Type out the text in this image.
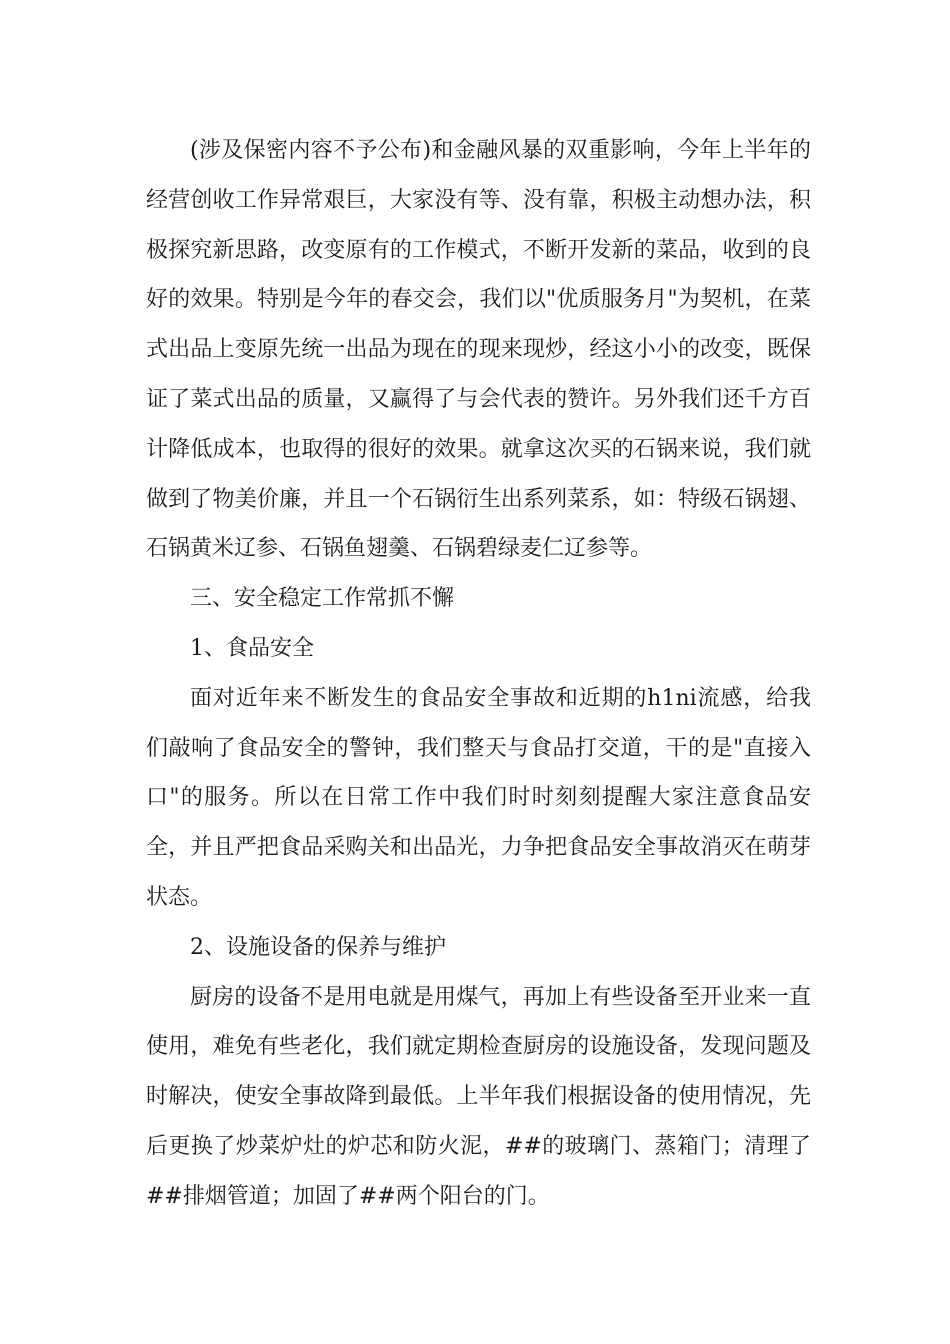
(涉及保密内容不予公布)和金融风暴的双重影响，今年上半年的经营创收工作异常艰巨，大家没有等、没有靠，积极主动想办法，积极探究新思路，改变原有的工作模式，不断开发新的菜品，收到的良好的效果。特别是今年的春交会，我们以"优质服务月"为契机，在菜式出品上变原先统一出品为现在的现来现炒，经这小小的改变，既保证了菜式出品的质量，又赢得了与会代表的赞许。另外我们还千方百计降低成本，也取得的很好的效果。就拿这次买的石锅来说，我们就做到了物美价廉，并且一个石锅衍生出系列菜系，如：特级石锅翅、石锅黄米辽参、石锅鱼翅羹、石锅碧绿麦仁辽参等。

三、安全稳定工作常抓不懈

1、食品安全

面对近年来不断发生的食品安全事故和近期的h1ni流感，给我们敲响了食品安全的警钟，我们整天与食品打交道，干的是"直接入口"的服务。所以在日常工作中我们时时刻刻提醒大家注意食品安全，并且严把食品采购关和出品光，力争把食品安全事故消灭在萌芽状态。

2、设施设备的保养与维护

厨房的设备不是用电就是用煤气，再加上有些设备至开业来一直使用，难免有些老化，我们就定期检查厨房的设施设备，发现问题及时解决，使安全事故降到最低。上半年我们根据设备的使用情况，先后更换了炒菜炉灶的炉芯和防火泥，##的玻璃门、蒸箱门；清理了##排烟管道；加固了##两个阳台的门。
